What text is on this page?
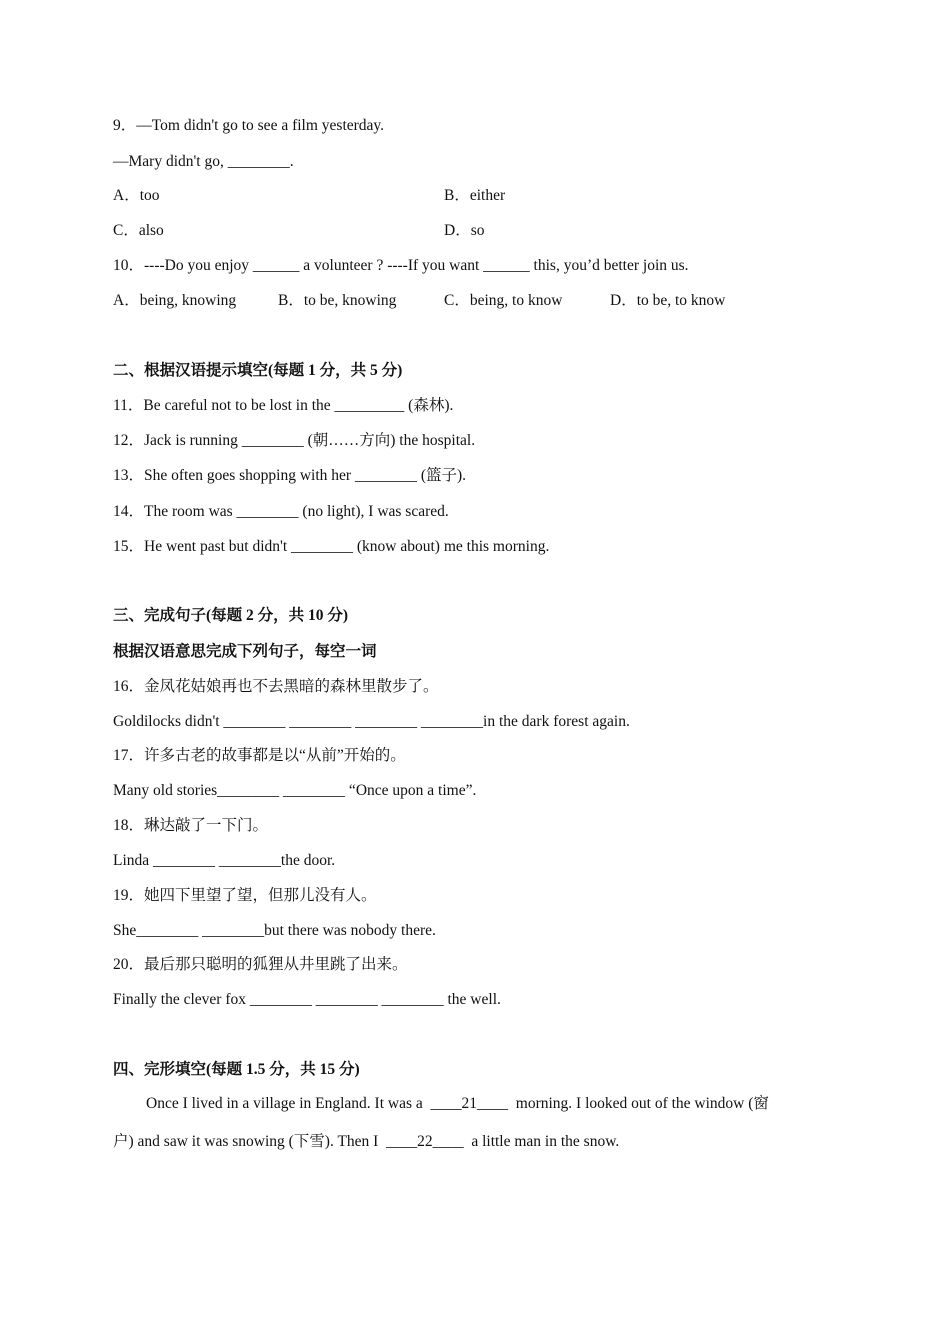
9．—Tom didn't go to see a film yesterday.
—Mary didn't go, ________.
A．too	B．either
C．also	D．so
10．----Do you enjoy ______ a volunteer ? ----If you want ______ this, you’d better join us.
A．being, knowing	B．to be, knowing	C．being, to know	D．to be, to know
二、根据汉语提示填空(每题 1 分，共 5 分)
11．Be careful not to be lost in the _________ (森林).
12．Jack is running ________ (朝……方向) the hospital.
13．She often goes shopping with her ________ (篮子).
14．The room was ________ (no light), I was scared.
15．He went past but didn't ________ (know about) me this morning.
三、完成句子(每题 2 分，共 10 分)
根据汉语意思完成下列句子，每空一词
16．金凤花姑娘再也不去黑暗的森林里散步了。
Goldilocks didn't ________ ________ ________ ________in the dark forest again.
17．许多古老的故事都是以“从前”开始的。
Many old stories________ ________ “Once upon a time”.
18．琳达敲了一下门。
Linda ________ ________the door.
19．她四下里望了望，但那儿没有人。
She________ ________but there was nobody there.
20．最后那只聪明的狐狸从井里跳了出来。
Finally the clever fox ________ ________ ________ the well.
四、完形填空(每题 1.5 分，共 15 分)
Once I lived in a village in England. It was a  ____21____  morning. I looked out of the window (窗
户) and saw it was snowing (下雪). Then I  ____22____  a little man in the snow.
